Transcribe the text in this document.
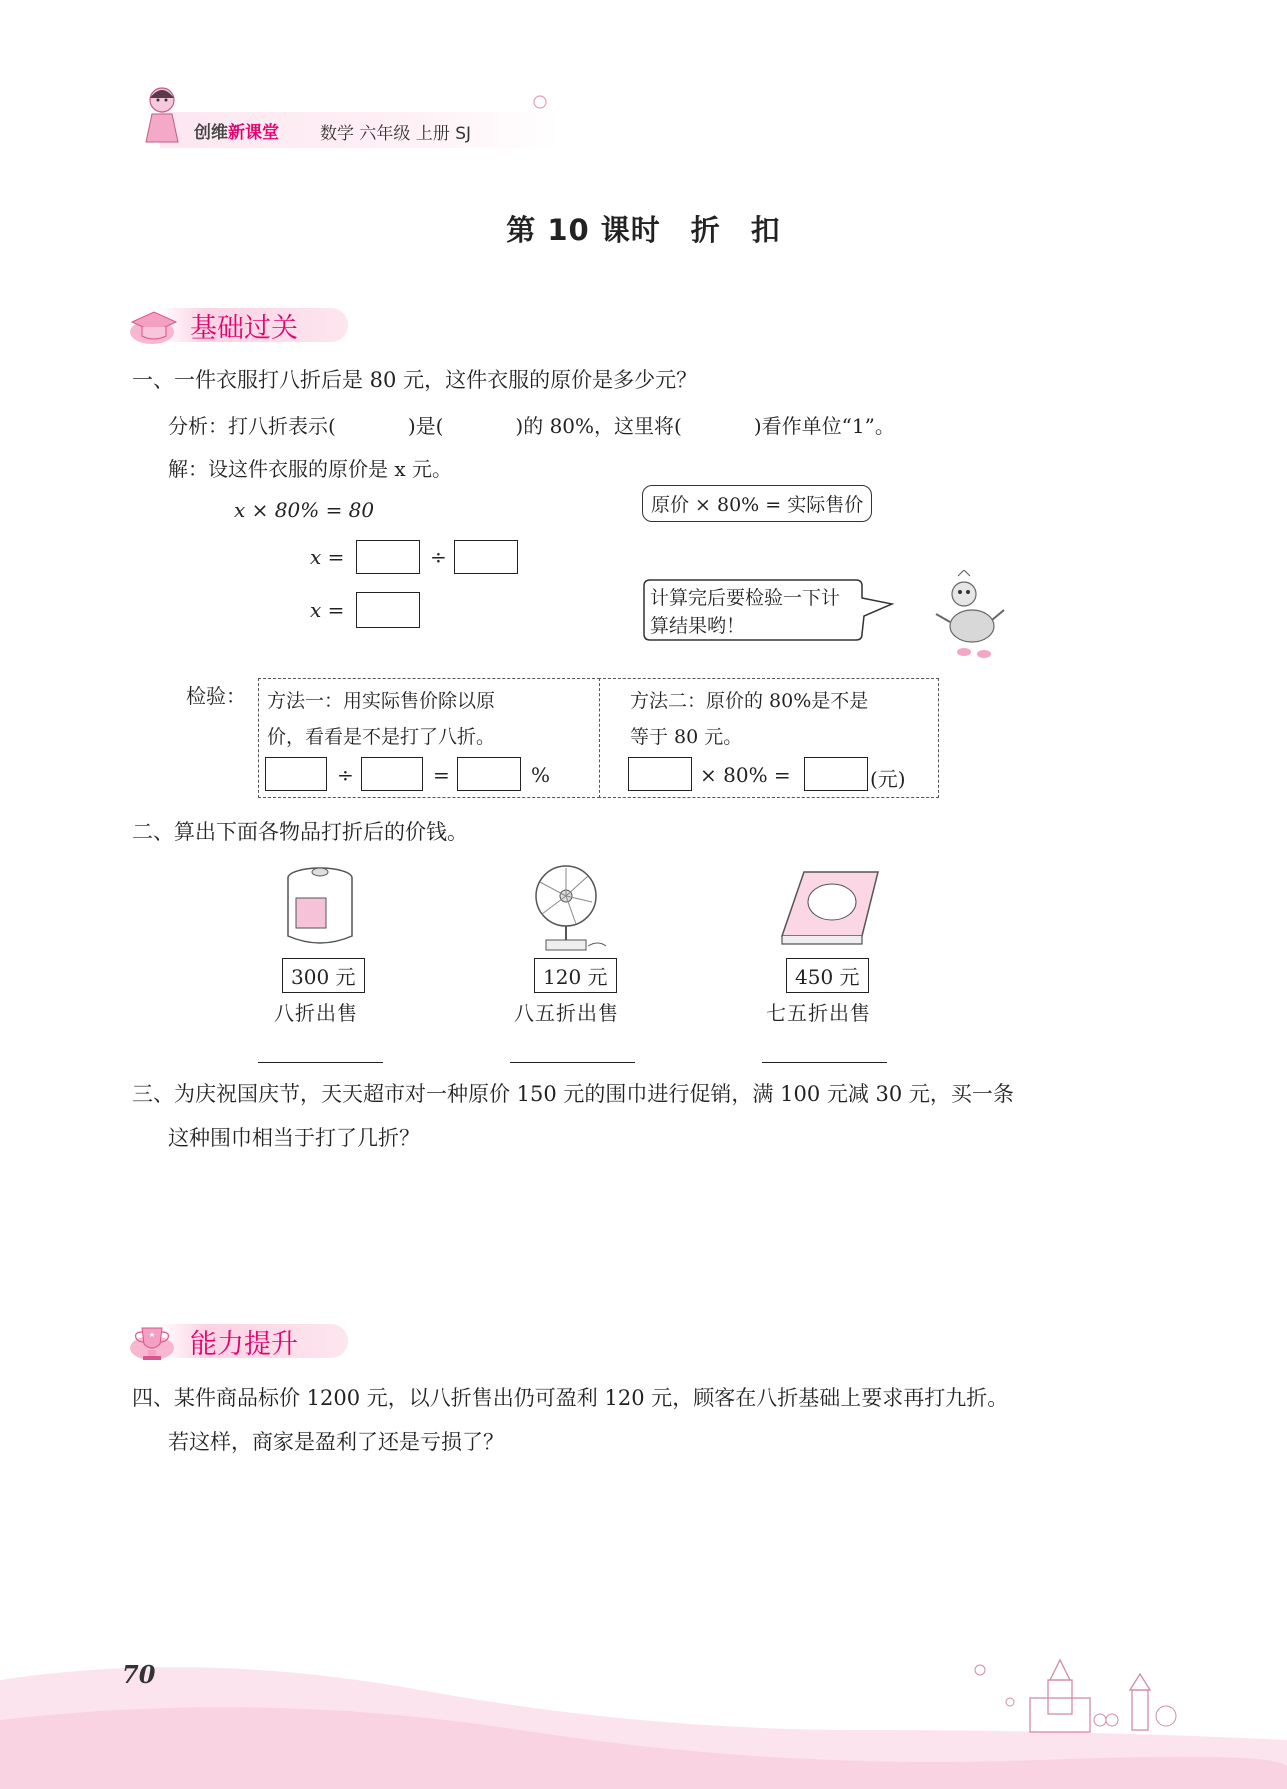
创维新课堂 数学 六年级 上册 SJ
第 10 课时　折　扣
基础过关
一、一件衣服打八折后是 80 元，这件衣服的原价是多少元？
分析：打八折表示(	)是(	)的 80%，这里将(	)看作单位“1”。
解：设这件衣服的原价是 x 元。
x × 80% = 80
x =	÷
x =
原价 × 80% = 实际售价
计算完后要检验一下计
算结果哟！
检验： 方法一：用实际售价除以原
价，看看是不是打了八折。
÷	=	%
方法二：原价的 80%是不是
等于 80 元。
× 80% =	(元)
二、算出下面各物品打折后的价钱。
300 元
八折出售
120 元
八五折出售
450 元
七五折出售
三、为庆祝国庆节，天天超市对一种原价 150 元的围巾进行促销，满 100 元减 30 元，买一条
这种围巾相当于打了几折？
能力提升
四、某件商品标价 1200 元，以八折售出仍可盈利 120 元，顾客在八折基础上要求再打九折。
若这样，商家是盈利了还是亏损了？
70
